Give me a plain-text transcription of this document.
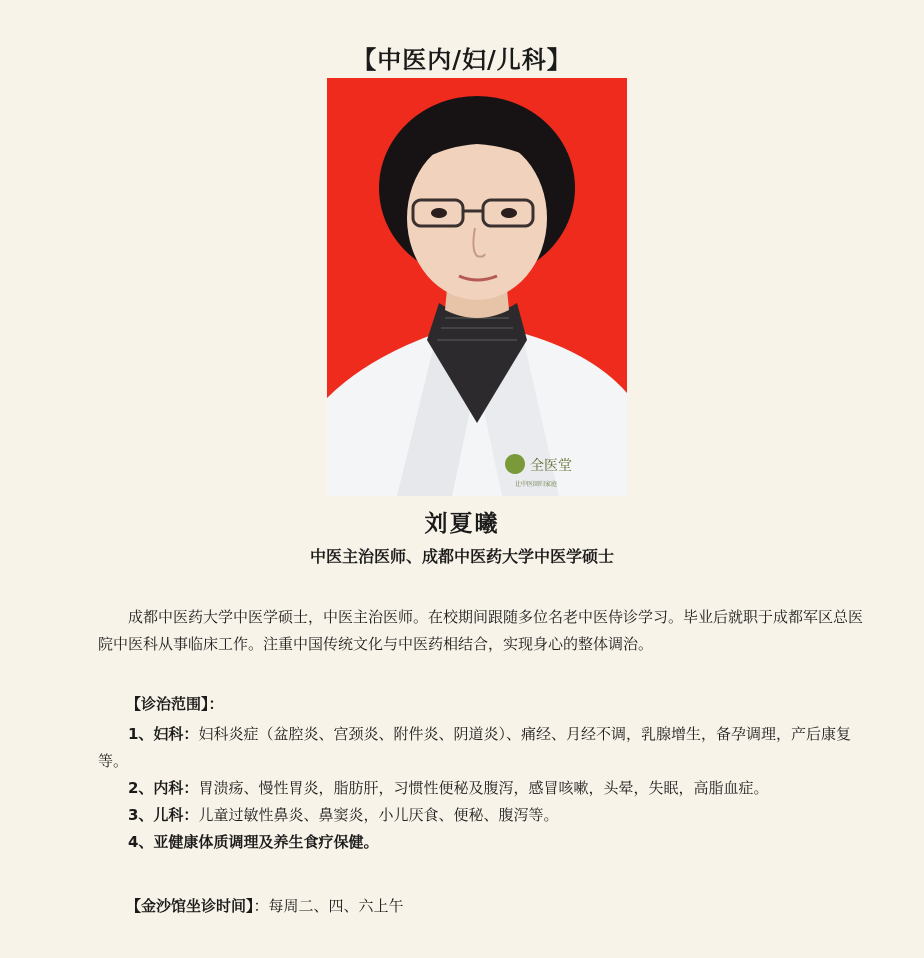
【中医内/妇/儿科】
全医堂
让中医回归家庭
刘夏曦
中医主治医师、成都中医药大学中医学硕士

成都中医药大学中医学硕士，中医主治医师。在校期间跟随多位名老中医侍诊学习。毕业后就职于成都军区总医院中医科从事临床工作。注重中国传统文化与中医药相结合，实现身心的整体调治。

【诊治范围】：
1、妇科：妇科炎症（盆腔炎、宫颈炎、附件炎、阴道炎）、痛经、月经不调，乳腺增生，备孕调理，产后康复等。
2、内科：胃溃疡、慢性胃炎，脂肪肝，习惯性便秘及腹泻，感冒咳嗽，头晕，失眠，高脂血症。
3、儿科：儿童过敏性鼻炎、鼻窦炎，小儿厌食、便秘、腹泻等。
4、亚健康体质调理及养生食疗保健。
【金沙馆坐诊时间】：每周二、四、六上午
